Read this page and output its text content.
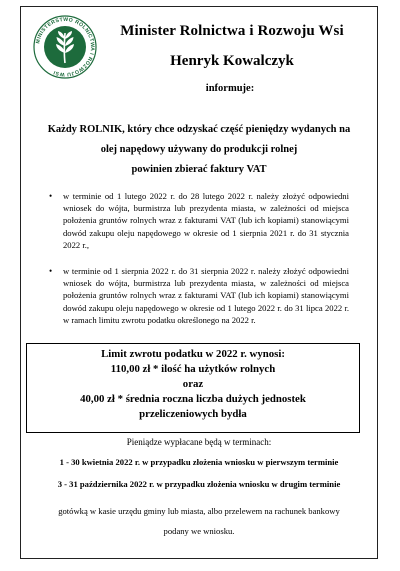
MINISTERSTWO ROLNICTWA I ROZWOJU WSI
Minister Rolnictwa i Rozwoju Wsi
Henryk Kowalczyk
informuje:
Każdy ROLNIK, który chce odzyskać część pieniędzy wydanych na
olej napędowy używany do produkcji rolnej
powinien zbierać faktury VAT
• w terminie od 1 lutego 2022 r. do 28 lutego 2022 r. należy złożyć odpowiedni wniosek do wójta, burmistrza lub prezydenta miasta, w zależności od miejsca położenia gruntów rolnych wraz z fakturami VAT (lub ich kopiami) stanowiącymi dowód zakupu oleju napędowego w okresie od 1 sierpnia 2021 r. do 31 stycznia 2022 r.,
• w terminie od 1 sierpnia 2022 r. do 31 sierpnia 2022 r. należy złożyć odpowiedni wniosek do wójta, burmistrza lub prezydenta miasta, w zależności od miejsca położenia gruntów rolnych wraz z fakturami VAT (lub ich kopiami) stanowiącymi dowód zakupu oleju napędowego w okresie od 1 lutego 2022 r. do 31 lipca 2022 r. w ramach limitu zwrotu podatku określonego na 2022 r.
Pieniądze wypłacane będą w terminach:
1 - 30 kwietnia 2022 r. w przypadku złożenia wniosku w pierwszym terminie
3 - 31 października 2022 r. w przypadku złożenia wniosku w drugim terminie
gotówką w kasie urzędu gminy lub miasta, albo przelewem na rachunek bankowy
podany we wniosku.
Limit zwrotu podatku w 2022 r. wynosi:
110,00 zł * ilość ha użytków rolnych
oraz
40,00 zł * średnia roczna liczba dużych jednostek
przeliczeniowych bydła
